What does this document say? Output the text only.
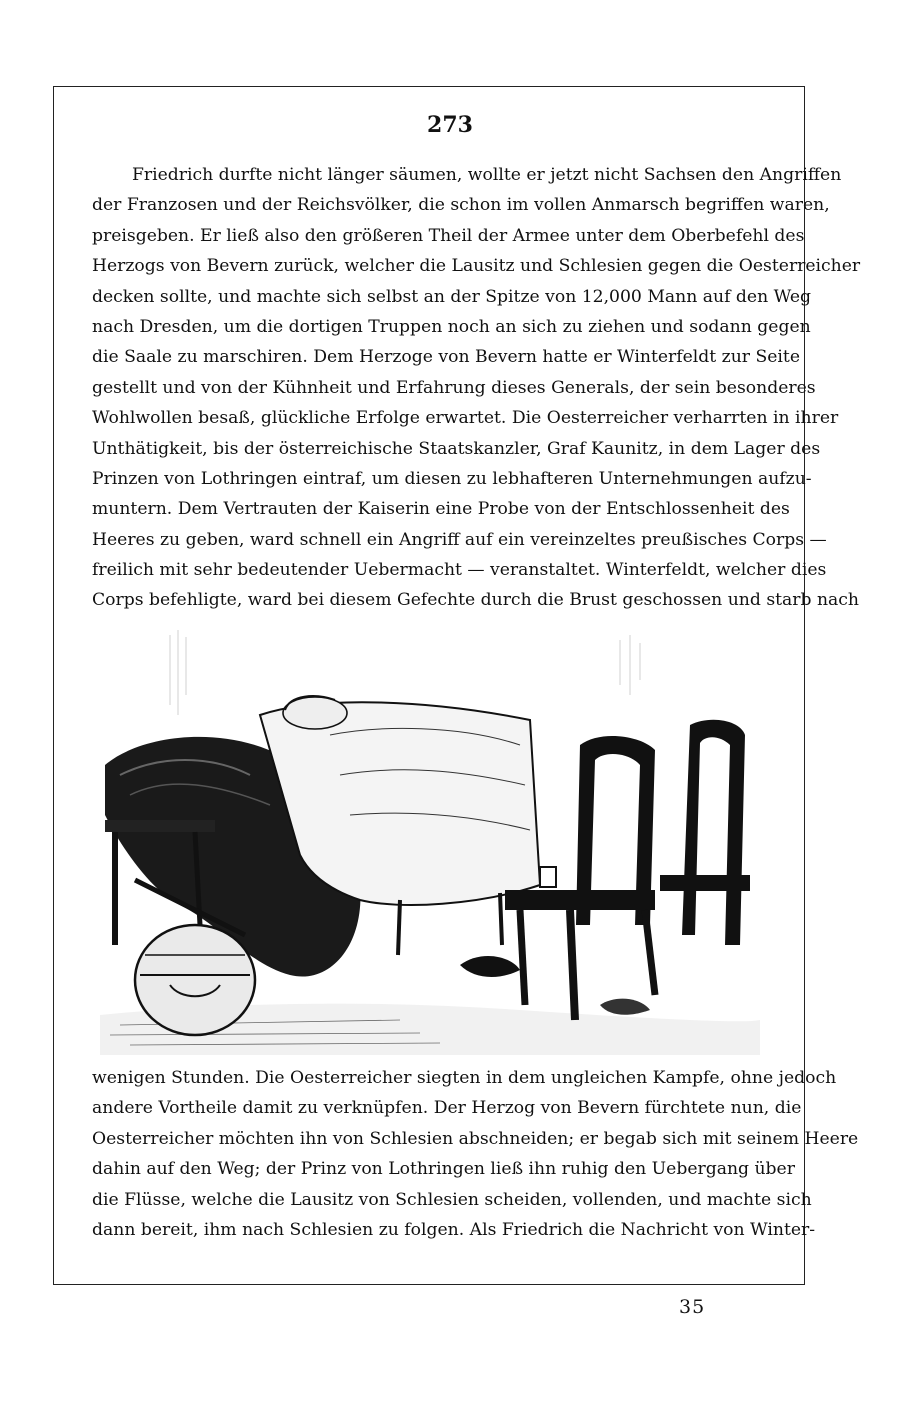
273
Friedrich durfte nicht länger säumen, wollte er jetzt nicht Sachsen den Angriffen
der Franzosen und der Reichsvölker, die schon im vollen Anmarsch begriffen waren,
preisgeben. Er ließ also den größeren Theil der Armee unter dem Oberbefehl des
Herzogs von Bevern zurück, welcher die Lausitz und Schlesien gegen die Oesterreicher
decken sollte, und machte sich selbst an der Spitze von 12,000 Mann auf den Weg
nach Dresden, um die dortigen Truppen noch an sich zu ziehen und sodann gegen
die Saale zu marschiren. Dem Herzoge von Bevern hatte er Winterfeldt zur Seite
gestellt und von der Kühnheit und Erfahrung dieses Generals, der sein besonderes
Wohlwollen besaß, glückliche Erfolge erwartet. Die Oesterreicher verharrten in ihrer
Unthätigkeit, bis der österreichische Staatskanzler, Graf Kaunitz, in dem Lager des
Prinzen von Lothringen eintraf, um diesen zu lebhafteren Unternehmungen aufzu-
muntern. Dem Vertrauten der Kaiserin eine Probe von der Entschlossenheit des
Heeres zu geben, ward schnell ein Angriff auf ein vereinzeltes preußisches Corps —
freilich mit sehr bedeutender Uebermacht — veranstaltet. Winterfeldt, welcher dies
Corps befehligte, ward bei diesem Gefechte durch die Brust geschossen und starb nach
wenigen Stunden. Die Oesterreicher siegten in dem ungleichen Kampfe, ohne jedoch
andere Vortheile damit zu verknüpfen. Der Herzog von Bevern fürchtete nun, die
Oesterreicher möchten ihn von Schlesien abschneiden; er begab sich mit seinem Heere
dahin auf den Weg; der Prinz von Lothringen ließ ihn ruhig den Uebergang über
die Flüsse, welche die Lausitz von Schlesien scheiden, vollenden, und machte sich
dann bereit, ihm nach Schlesien zu folgen. Als Friedrich die Nachricht von Winter-
35
